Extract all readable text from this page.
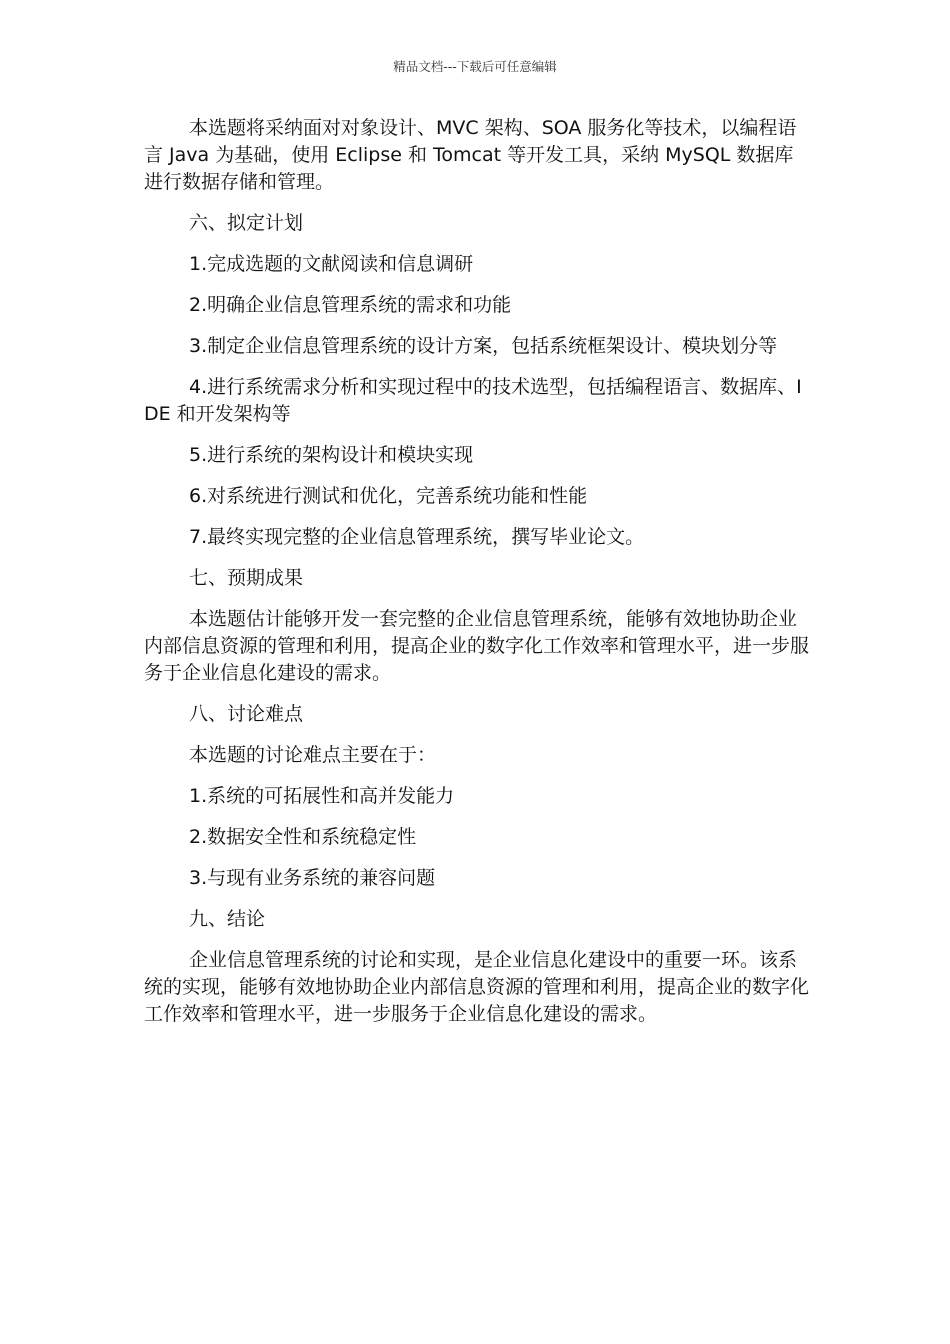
精品文档---下载后可任意编辑

本选题将采纳面对对象设计、MVC 架构、SOA 服务化等技术，以编程语言 Java 为基础，使用 Eclipse 和 Tomcat 等开发工具，采纳 MySQL 数据库进行数据存储和管理。

六、拟定计划

1.完成选题的文献阅读和信息调研

2.明确企业信息管理系统的需求和功能

3.制定企业信息管理系统的设计方案，包括系统框架设计、模块划分等

4.进行系统需求分析和实现过程中的技术选型，包括编程语言、数据库、IDE 和开发架构等

5.进行系统的架构设计和模块实现

6.对系统进行测试和优化，完善系统功能和性能

7.最终实现完整的企业信息管理系统，撰写毕业论文。

七、预期成果

本选题估计能够开发一套完整的企业信息管理系统，能够有效地协助企业内部信息资源的管理和利用，提高企业的数字化工作效率和管理水平，进一步服务于企业信息化建设的需求。

八、讨论难点

本选题的讨论难点主要在于：

1.系统的可拓展性和高并发能力

2.数据安全性和系统稳定性

3.与现有业务系统的兼容问题

九、结论

企业信息管理系统的讨论和实现，是企业信息化建设中的重要一环。该系统的实现，能够有效地协助企业内部信息资源的管理和利用，提高企业的数字化工作效率和管理水平，进一步服务于企业信息化建设的需求。
